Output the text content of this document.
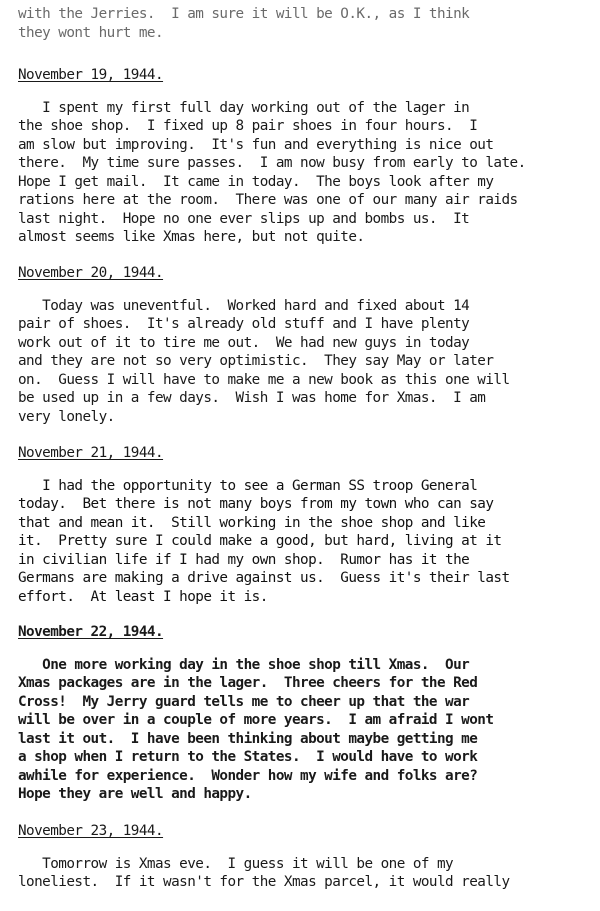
with the Jerries.  I am sure it will be O.K., as I think
they wont hurt me.
November 19, 1944.
I spent my first full day working out of the lager in
the shoe shop.  I fixed up 8 pair shoes in four hours.  I
am slow but improving.  It's fun and everything is nice out
there.  My time sure passes.  I am now busy from early to late.
Hope I get mail.  It came in today.  The boys look after my
rations here at the room.  There was one of our many air raids
last night.  Hope no one ever slips up and bombs us.  It
almost seems like Xmas here, but not quite.
November 20, 1944.
Today was uneventful.  Worked hard and fixed about 14
pair of shoes.  It's already old stuff and I have plenty
work out of it to tire me out.  We had new guys in today
and they are not so very optimistic.  They say May or later
on.  Guess I will have to make me a new book as this one will
be used up in a few days.  Wish I was home for Xmas.  I am
very lonely.
November 21, 1944.
I had the opportunity to see a German SS troop General
today.  Bet there is not many boys from my town who can say
that and mean it.  Still working in the shoe shop and like
it.  Pretty sure I could make a good, but hard, living at it
in civilian life if I had my own shop.  Rumor has it the
Germans are making a drive against us.  Guess it's their last
effort.  At least I hope it is.
November 22, 1944.
One more working day in the shoe shop till Xmas.  Our
Xmas packages are in the lager.  Three cheers for the Red
Cross!  My Jerry guard tells me to cheer up that the war
will be over in a couple of more years.  I am afraid I wont
last it out.  I have been thinking about maybe getting me
a shop when I return to the States.  I would have to work
awhile for experience.  Wonder how my wife and folks are?
Hope they are well and happy.
November 23, 1944.
Tomorrow is Xmas eve.  I guess it will be one of my
loneliest.  If it wasn't for the Xmas parcel, it would really
